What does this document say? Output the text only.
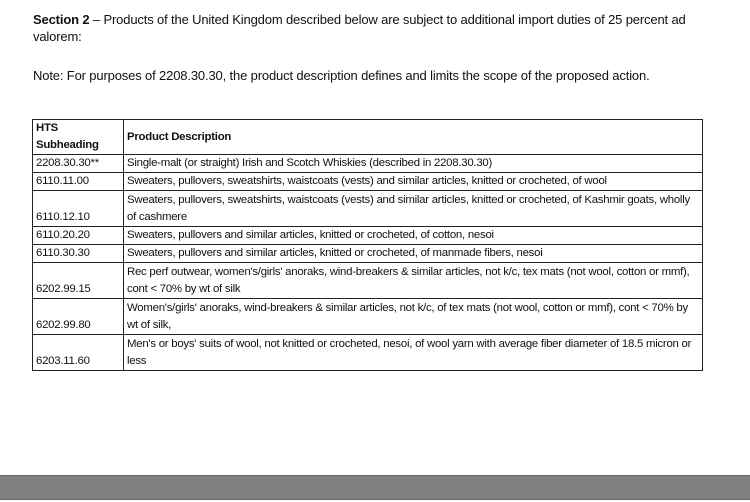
Section 2 – Products of the United Kingdom described below are subject to additional import duties of 25 percent ad valorem:
Note: For purposes of 2208.30.30, the product description defines and limits the scope of the proposed action.
HTS Subheading	Product Description
2208.30.30**	Single-malt (or straight) Irish and Scotch Whiskies (described in 2208.30.30)
6110.11.00	Sweaters, pullovers, sweatshirts, waistcoats (vests) and similar articles, knitted or crocheted, of wool
6110.12.10	Sweaters, pullovers, sweatshirts, waistcoats (vests) and similar articles, knitted or crocheted, of Kashmir goats, wholly of cashmere
6110.20.20	Sweaters, pullovers and similar articles, knitted or crocheted, of cotton, nesoi
6110.30.30	Sweaters, pullovers and similar articles, knitted or crocheted, of manmade fibers, nesoi
6202.99.15	Rec perf outwear, women's/girls' anoraks, wind-breakers & similar articles, not k/c, tex mats (not wool, cotton or mmf), cont < 70% by wt of silk
6202.99.80	Women's/girls' anoraks, wind-breakers & similar articles, not k/c, of tex mats (not wool, cotton or mmf), cont < 70% by wt of silk,
6203.11.60	Men's or boys' suits of wool, not knitted or crocheted, nesoi, of wool yarn with average fiber diameter of 18.5 micron or less
